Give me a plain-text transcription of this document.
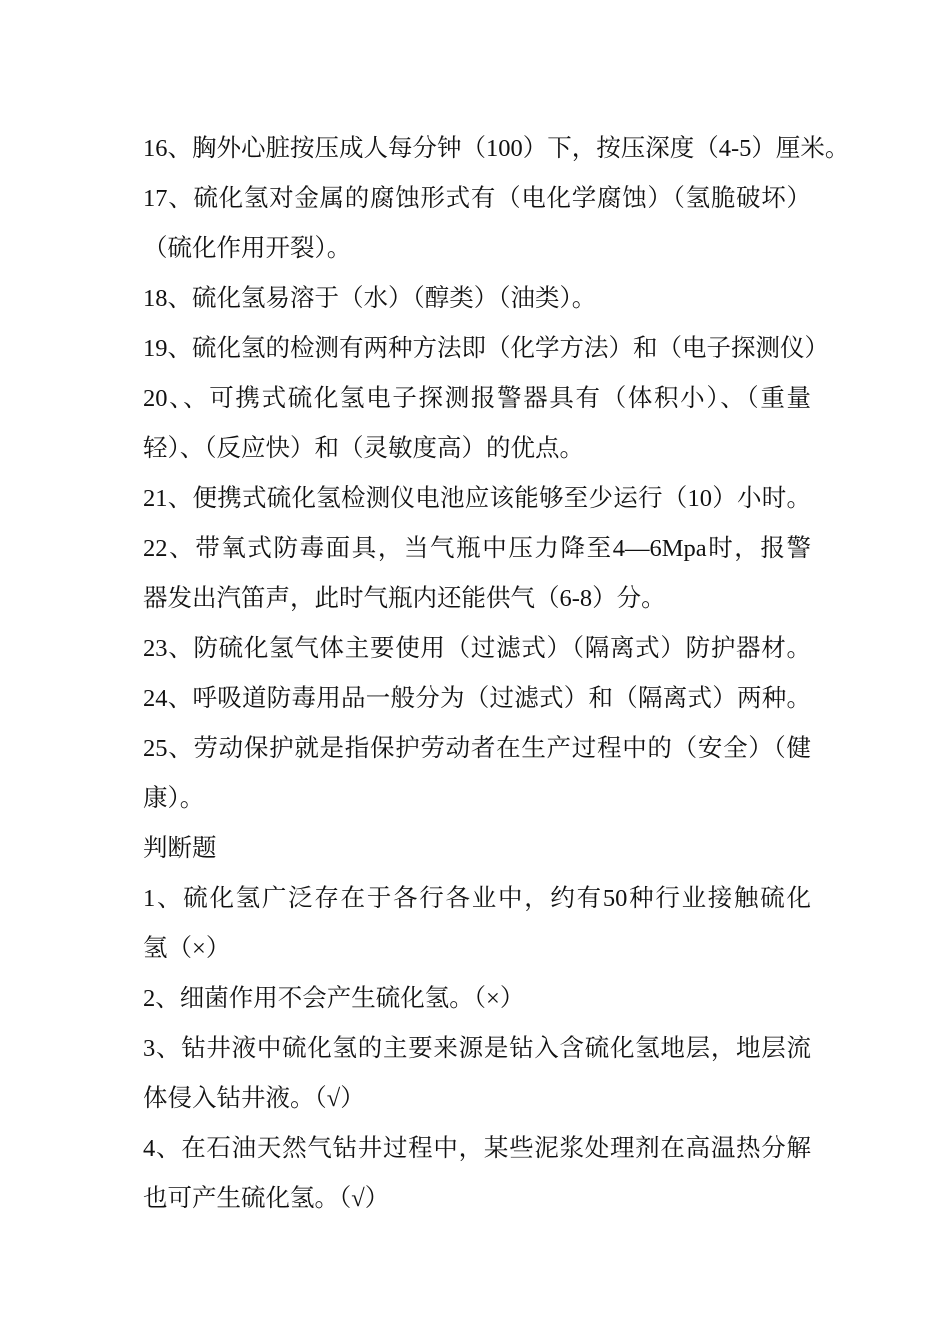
16、胸外心脏按压成人每分钟（100）下，按压深度（4-5）厘米。
17、硫化氢对金属的腐蚀形式有（电化学腐蚀）（氢脆破坏）
（硫化作用开裂）。
18、硫化氢易溶于（水）（醇类）（油类）。
19、硫化氢的检测有两种方法即（化学方法）和（电子探测仪）
20、、可携式硫化氢电子探测报警器具有（体积小）、（重量
轻）、（反应快）和（灵敏度高）的优点。
21、便携式硫化氢检测仪电池应该能够至少运行（10）小时。
22、带氧式防毒面具，当气瓶中压力降至4—6Mpa时，报警
器发出汽笛声，此时气瓶内还能供气（6-8）分。
23、防硫化氢气体主要使用（过滤式）（隔离式）防护器材。
24、呼吸道防毒用品一般分为（过滤式）和（隔离式）两种。
25、劳动保护就是指保护劳动者在生产过程中的（安全）（健
康）。
判断题
1、硫化氢广泛存在于各行各业中，约有50种行业接触硫化
氢（×）
2、细菌作用不会产生硫化氢。（×）
3、钻井液中硫化氢的主要来源是钻入含硫化氢地层，地层流
体侵入钻井液。（√）
4、在石油天然气钻井过程中，某些泥浆处理剂在高温热分解
也可产生硫化氢。（√）
